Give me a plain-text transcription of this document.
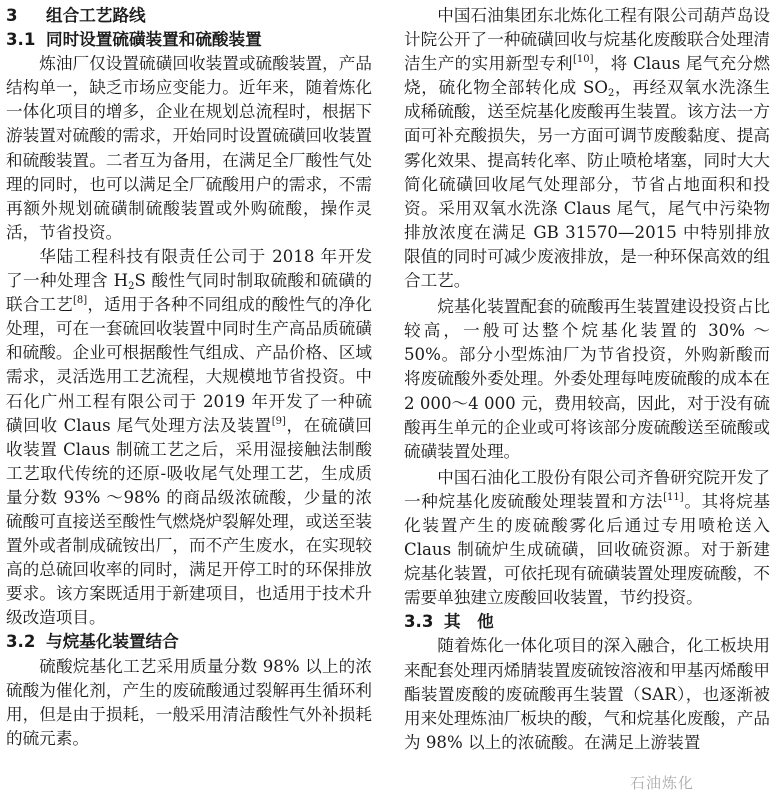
3 组合工艺路线

3.1 同时设置硫磺装置和硫酸装置

炼油厂仅设置硫磺回收装置或硫酸装置，产品结构单一，缺乏市场应变能力。近年来，随着炼化一体化项目的增多，企业在规划总流程时，根据下游装置对硫酸的需求，开始同时设置硫磺回收装置和硫酸装置。二者互为备用，在满足全厂酸性气处理的同时，也可以满足全厂硫酸用户的需求，不需再额外规划硫磺制硫酸装置或外购硫酸，操作灵活，节省投资。

华陆工程科技有限责任公司于 2018 年开发了一种处理含 $H_2S$ 酸性气同时制取硫酸和硫磺的联合工艺[8]，适用于各种不同组成的酸性气的净化处理，可在一套硫回收装置中同时生产高品质硫磺和硫酸。企业可根据酸性气组成、产品价格、区域需求，灵活选用工艺流程，大规模地节省投资。中石化广州工程有限公司于 2019 年开发了一种硫磺回收 Claus 尾气处理方法及装置[9]，在硫磺回收装置 Claus 制硫工艺之后，采用湿接触法制酸工艺取代传统的还原-吸收尾气处理工艺，生成质量分数 93% ～98% 的商品级浓硫酸，少量的浓硫酸可直接送至酸性气燃烧炉裂解处理，或送至装置外或者制成硫铵出厂，而不产生废水，在实现较高的总硫回收率的同时，满足开停工时的环保排放要求。该方案既适用于新建项目，也适用于技术升级改造项目。

3.2 与烷基化装置结合

硫酸烷基化工艺采用质量分数 98% 以上的浓硫酸为催化剂，产生的废硫酸通过裂解再生循环利用，但是由于损耗，一般采用清洁酸性气外补损耗的硫元素。

中国石油集团东北炼化工程有限公司葫芦岛设计院公开了一种硫磺回收与烷基化废酸联合处理清洁生产的实用新型专利[10]，将 Claus 尾气充分燃烧，硫化物全部转化成 $SO_2$，再经双氧水洗涤生成稀硫酸，送至烷基化废酸再生装置。该方法一方面可补充酸损失，另一方面可调节废酸黏度、提高雾化效果、提高转化率、防止喷枪堵塞，同时大大简化硫磺回收尾气处理部分，节省占地面积和投资。采用双氧水洗涤 Claus 尾气，尾气中污染物排放浓度在满足 GB 31570—2015 中特别排放限值的同时可减少废液排放，是一种环保高效的组合工艺。

烷基化装置配套的硫酸再生装置建设投资占比较高，一般可达整个烷基化装置的 30% ～50%。部分小型炼油厂为节省投资，外购新酸而将废硫酸外委处理。外委处理每吨废硫酸的成本在 2 000～4 000 元，费用较高，因此，对于没有硫酸再生单元的企业或可将该部分废硫酸送至硫酸或硫磺装置处理。

中国石油化工股份有限公司齐鲁研究院开发了一种烷基化废硫酸处理装置和方法[11]。其将烷基化装置产生的废硫酸雾化后通过专用喷枪送入 Claus 制硫炉生成硫磺，回收硫资源。对于新建烷基化装置，可依托现有硫磺装置处理废硫酸，不需要单独建立废酸回收装置，节约投资。

3.3 其　他

随着炼化一体化项目的深入融合，化工板块用来配套处理丙烯腈装置废硫铵溶液和甲基丙烯酸甲酯装置废酸的废硫酸再生装置（SAR），也逐渐被用来处理炼油厂板块的酸，气和烷基化废酸，产品为 98% 以上的浓硫酸。在满足上游装置

石油炼化
